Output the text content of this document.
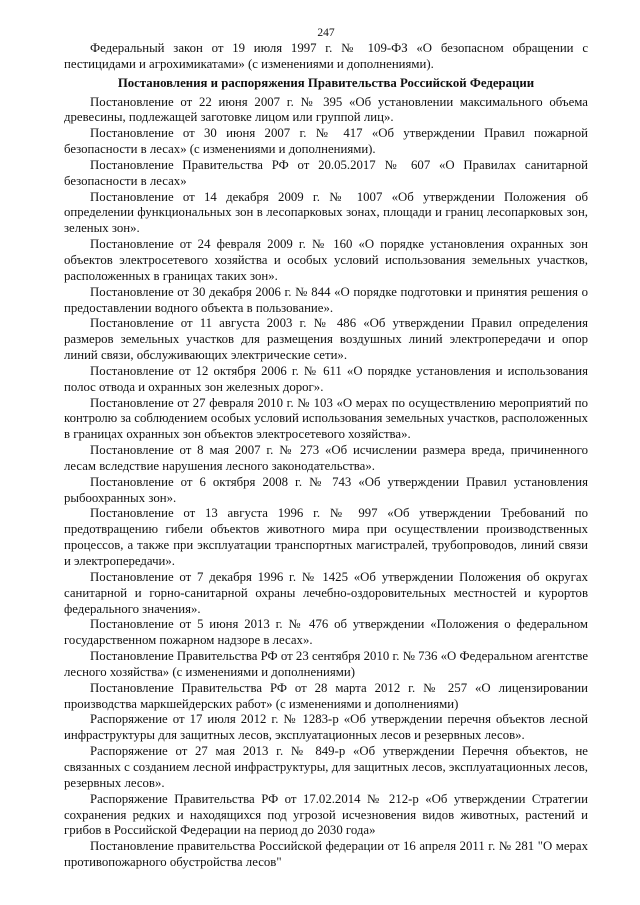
247

Федеральный закон от 19 июля 1997 г. № 109-ФЗ «О безопасном обращении с пестицидами и агрохимикатами» (с изменениями и дополнениями).

Постановления и распоряжения Правительства Российской Федерации

Постановление от 22 июня 2007 г. № 395 «Об установлении максимального объема древесины, подлежащей заготовке лицом или группой лиц».

Постановление от 30 июня 2007 г. № 417 «Об утверждении Правил пожарной безопасности в лесах» (с изменениями и дополнениями).

Постановление Правительства РФ от 20.05.2017 № 607 «О Правилах санитарной безопасности в лесах»

Постановление от 14 декабря 2009 г. № 1007 «Об утверждении Положения об определении функциональных зон в лесопарковых зонах, площади и границ лесопарковых зон, зеленых зон».

Постановление от 24 февраля 2009 г. № 160 «О порядке установления охранных зон объектов электросетевого хозяйства и особых условий использования земельных участков, расположенных в границах таких зон».

Постановление от 30 декабря 2006 г. № 844 «О порядке подготовки и принятия решения о предоставлении водного объекта в пользование».

Постановление от 11 августа 2003 г. № 486 «Об утверждении Правил определения размеров земельных участков для размещения воздушных линий электропередачи и опор линий связи, обслуживающих электрические сети».

Постановление от 12 октября 2006 г. № 611 «О порядке установления и использования полос отвода и охранных зон железных дорог».

Постановление от 27 февраля 2010 г. № 103 «О мерах по осуществлению мероприятий по контролю за соблюдением особых условий использования земельных участков, расположенных в границах охранных зон объектов электросетевого хозяйства».

Постановление от 8 мая 2007 г. № 273 «Об исчислении размера вреда, причиненного лесам вследствие нарушения лесного законодательства».

Постановление от 6 октября 2008 г. № 743 «Об утверждении Правил установления рыбоохранных зон».

Постановление от 13 августа 1996 г. № 997 «Об утверждении Требований по предотвращению гибели объектов животного мира при осуществлении производственных процессов, а также при эксплуатации транспортных магистралей, трубопроводов, линий связи и электропередачи».

Постановление от 7 декабря 1996 г. № 1425 «Об утверждении Положения об округах санитарной и горно-санитарной охраны лечебно-оздоровительных местностей и курортов федерального значения».

Постановление от 5 июня 2013 г. № 476 об утверждении «Положения о федеральном государственном пожарном надзоре в лесах».

Постановление Правительства РФ от 23 сентября 2010 г. № 736 «О Федеральном агентстве лесного хозяйства» (с изменениями и дополнениями)

Постановление Правительства РФ от 28 марта 2012 г. № 257 «О лицензировании производства маркшейдерских работ» (с изменениями и дополнениями)

Распоряжение от 17 июля 2012 г. № 1283-р «Об утверждении перечня объектов лесной инфраструктуры для защитных лесов, эксплуатационных лесов и резервных лесов».

Распоряжение от 27 мая 2013 г. № 849-р «Об утверждении Перечня объектов, не связанных с созданием лесной инфраструктуры, для защитных лесов, эксплуатационных лесов, резервных лесов».

Распоряжение Правительства РФ от 17.02.2014 № 212-р «Об утверждении Стратегии сохранения редких и находящихся под угрозой исчезновения видов животных, растений и грибов в Российской Федерации на период до 2030 года»

Постановление правительства Российской федерации от 16 апреля 2011 г. № 281 "О мерах противопожарного обустройства лесов"
